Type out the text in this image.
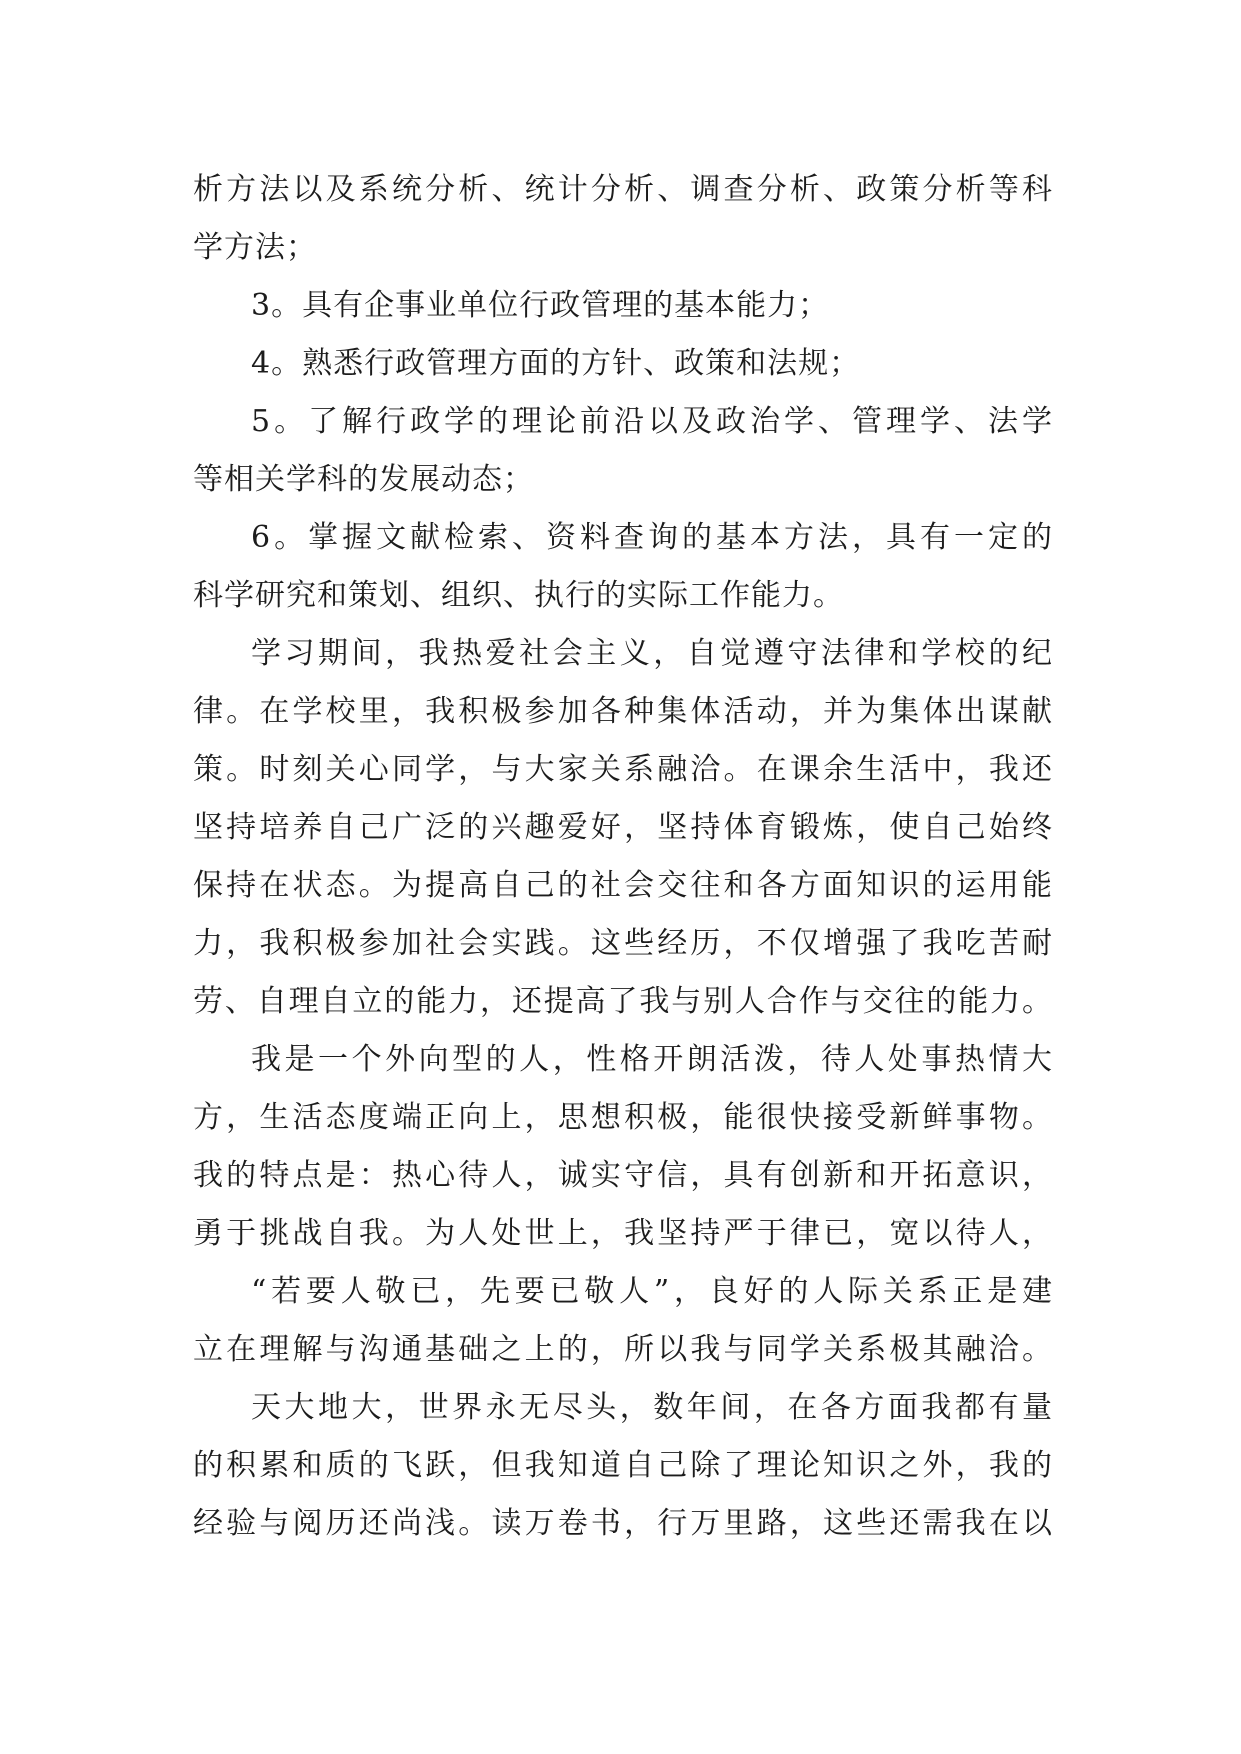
析方法以及系统分析、统计分析、调查分析、政策分析等科
学方法；
3。具有企事业单位行政管理的基本能力；
4。熟悉行政管理方面的方针、政策和法规；
5。了解行政学的理论前沿以及政治学、管理学、法学
等相关学科的发展动态；
6。掌握文献检索、资料查询的基本方法，具有一定的
科学研究和策划、组织、执行的实际工作能力。
学习期间，我热爱社会主义，自觉遵守法律和学校的纪
律。在学校里，我积极参加各种集体活动，并为集体出谋献
策。时刻关心同学，与大家关系融洽。在课余生活中，我还
坚持培养自己广泛的兴趣爱好，坚持体育锻炼，使自己始终
保持在状态。为提高自己的社会交往和各方面知识的运用能
力，我积极参加社会实践。这些经历，不仅增强了我吃苦耐
劳、自理自立的能力，还提高了我与别人合作与交往的能力。
我是一个外向型的人，性格开朗活泼，待人处事热情大
方，生活态度端正向上，思想积极，能很快接受新鲜事物。
我的特点是：热心待人，诚实守信，具有创新和开拓意识，
勇于挑战自我。为人处世上，我坚持严于律已，宽以待人，
“若要人敬已，先要已敬人”，良好的人际关系正是建
立在理解与沟通基础之上的，所以我与同学关系极其融洽。
天大地大，世界永无尽头，数年间，在各方面我都有量
的积累和质的飞跃，但我知道自己除了理论知识之外，我的
经验与阅历还尚浅。读万卷书，行万里路，这些还需我在以
